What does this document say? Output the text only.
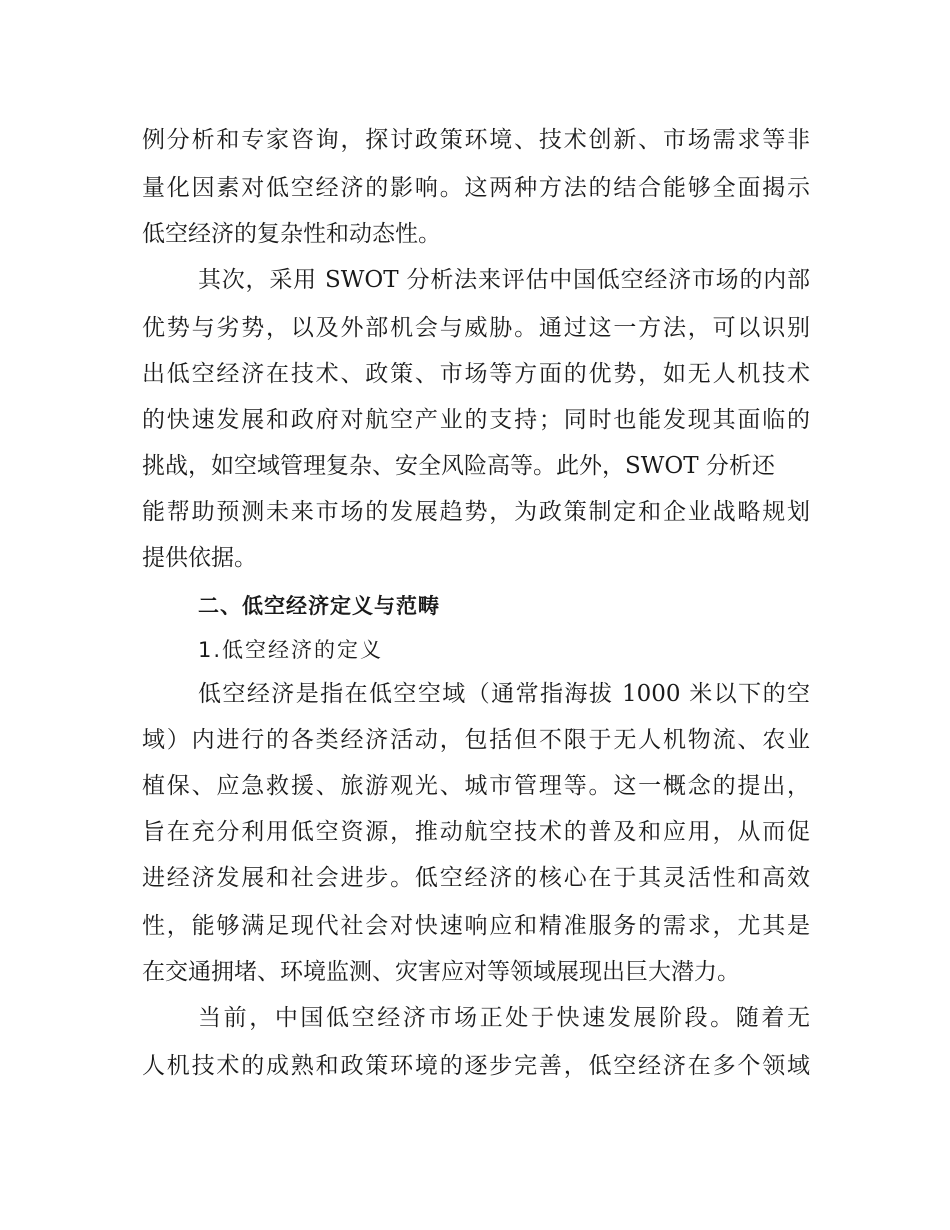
例分析和专家咨询，探讨政策环境、技术创新、市场需求等非
量化因素对低空经济的影响。这两种方法的结合能够全面揭示
低空经济的复杂性和动态性。
其次，采用 SWOT 分析法来评估中国低空经济市场的内部
优势与劣势，以及外部机会与威胁。通过这一方法，可以识别
出低空经济在技术、政策、市场等方面的优势，如无人机技术
的快速发展和政府对航空产业的支持；同时也能发现其面临的
挑战，如空域管理复杂、安全风险高等。此外，SWOT 分析还
能帮助预测未来市场的发展趋势，为政策制定和企业战略规划
提供依据。
二、低空经济定义与范畴
1.低空经济的定义
低空经济是指在低空空域（通常指海拔 1000 米以下的空
域）内进行的各类经济活动，包括但不限于无人机物流、农业
植保、应急救援、旅游观光、城市管理等。这一概念的提出，
旨在充分利用低空资源，推动航空技术的普及和应用，从而促
进经济发展和社会进步。低空经济的核心在于其灵活性和高效
性，能够满足现代社会对快速响应和精准服务的需求，尤其是
在交通拥堵、环境监测、灾害应对等领域展现出巨大潜力。
当前，中国低空经济市场正处于快速发展阶段。随着无
人机技术的成熟和政策环境的逐步完善，低空经济在多个领域
